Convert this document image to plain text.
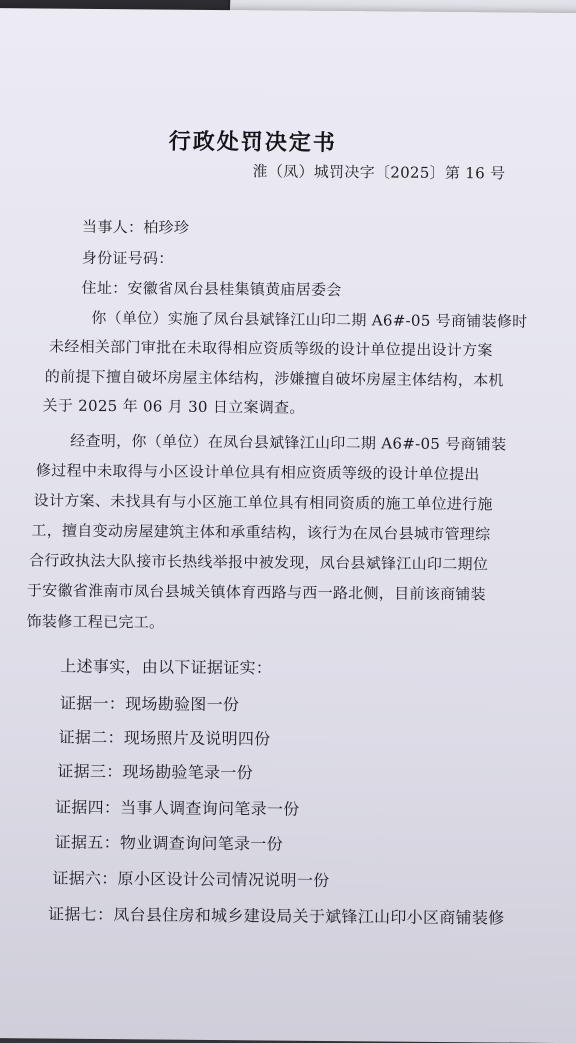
行政处罚决定书
淮（凤）城罚决字〔2025〕第 16 号
当事人：柏珍珍
身份证号码：
住址：安徽省凤台县桂集镇黄庙居委会
你（单位）实施了凤台县斌锋江山印二期 A6#-05 号商铺装修时
未经相关部门审批在未取得相应资质等级的设计单位提出设计方案
的前提下擅自破坏房屋主体结构，涉嫌擅自破坏房屋主体结构，本机
关于 2025 年 06 月 30 日立案调查。
经查明，你（单位）在凤台县斌锋江山印二期 A6#-05 号商铺装
修过程中未取得与小区设计单位具有相应资质等级的设计单位提出
设计方案、未找具有与小区施工单位具有相同资质的施工单位进行施
工，擅自变动房屋建筑主体和承重结构，该行为在凤台县城市管理综
合行政执法大队接市长热线举报中被发现，凤台县斌锋江山印二期位
于安徽省淮南市凤台县城关镇体育西路与西一路北侧，目前该商铺装
饰装修工程已完工。
上述事实，由以下证据证实：
证据一：现场勘验图一份
证据二：现场照片及说明四份
证据三：现场勘验笔录一份
证据四：当事人调查询问笔录一份
证据五：物业调查询问笔录一份
证据六：原小区设计公司情况说明一份
证据七：凤台县住房和城乡建设局关于斌锋江山印小区商铺装修
